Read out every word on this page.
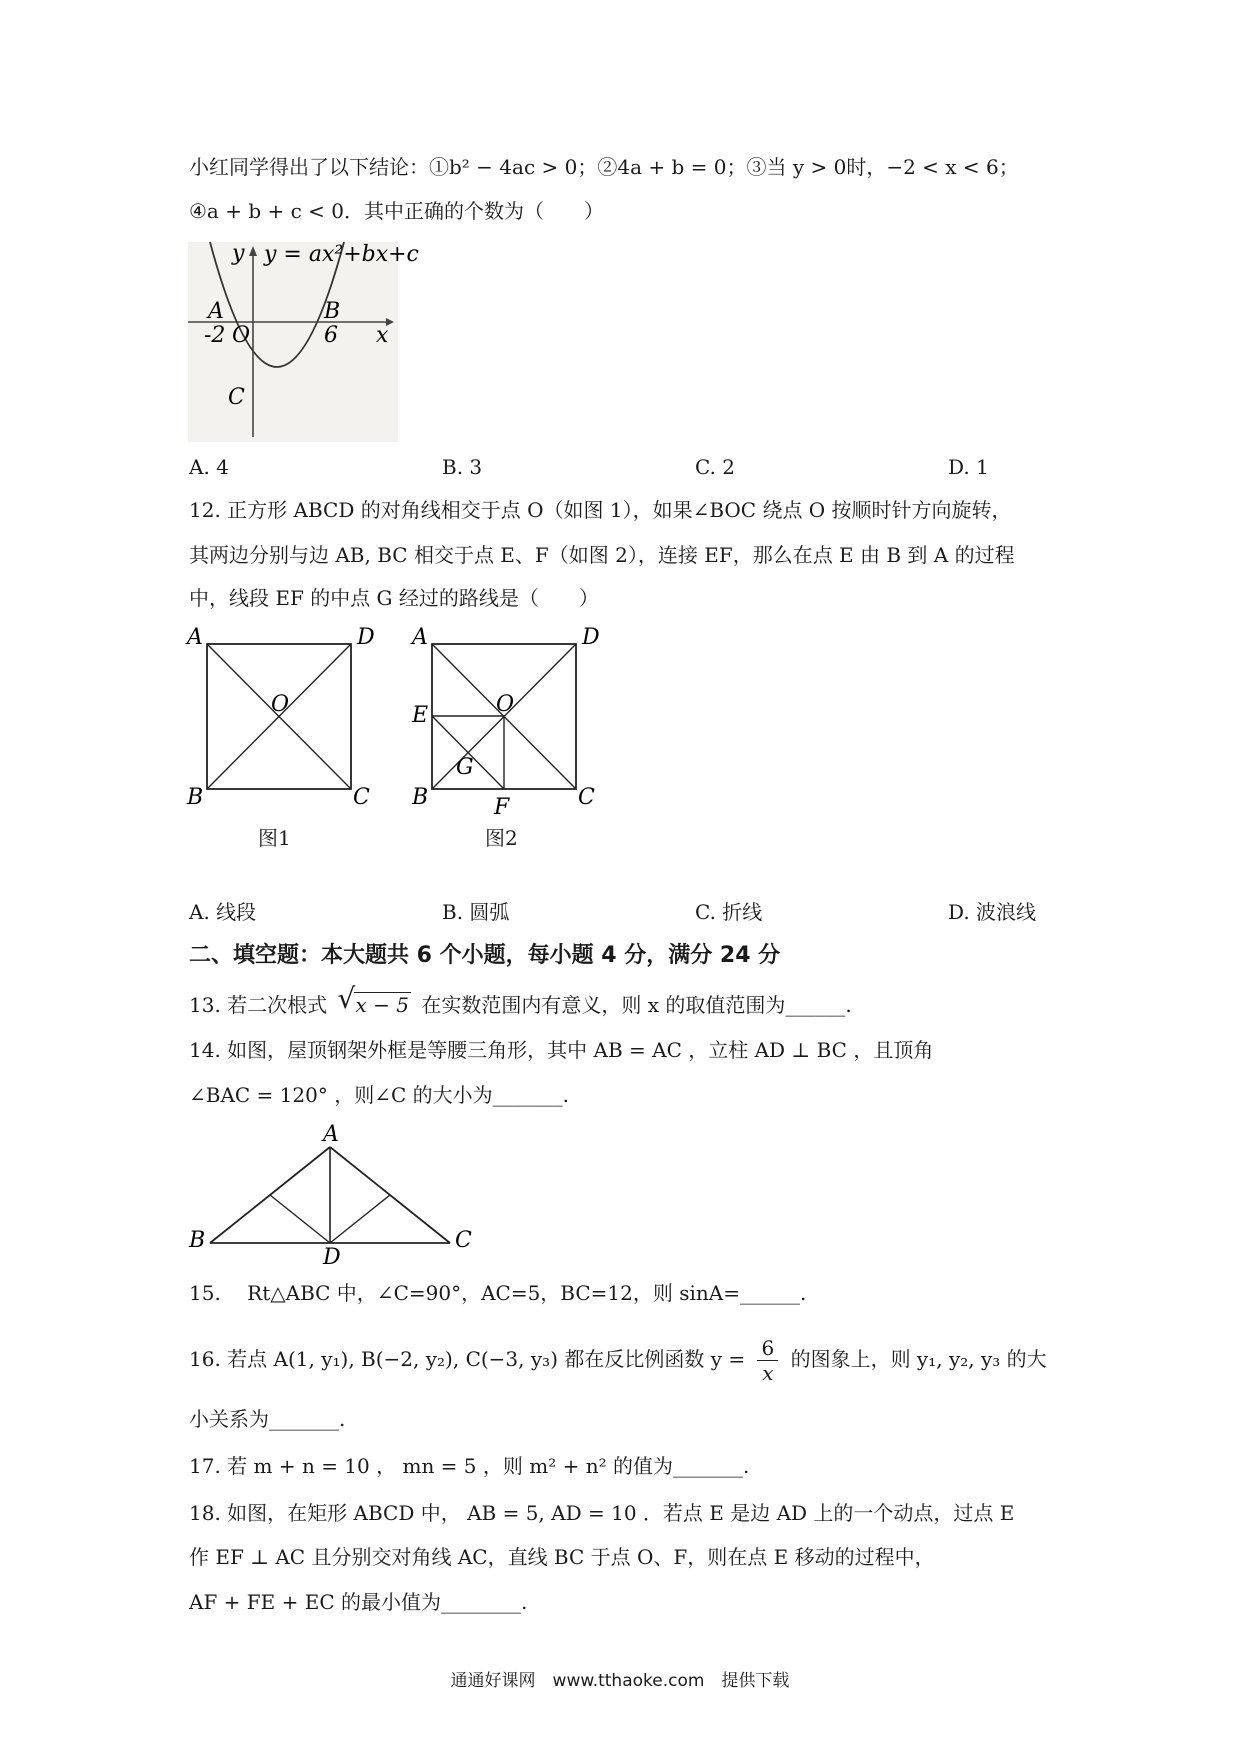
小红同学得出了以下结论：①b² − 4ac > 0；②4a + b = 0；③当 y > 0时，−2 < x < 6；
④a + b + c < 0．其中正确的个数为（　　）
y y = ax²+bx+c
x
A
-2 O
B
6
C
A. 4	B. 3	C. 2	D. 1
12. 正方形 ABCD 的对角线相交于点 O（如图 1），如果∠BOC 绕点 O 按顺时针方向旋转，
其两边分别与边 AB, BC 相交于点 E、F（如图 2），连接 EF，那么在点 E 由 B 到 A 的过程
中，线段 EF 的中点 G 经过的路线是（　　）
A	D
B	C
O
图1
A	D
B	C
O
E
F
G
图2
A. 线段	B. 圆弧	C. 折线	D. 波浪线
二、填空题：本大题共 6 个小题，每小题 4 分，满分 24 分
13. 若二次根式 √ x − 5 在实数范围内有意义，则 x 的取值范围为______.
14. 如图，屋顶钢架外框是等腰三角形，其中 AB = AC ，立柱 AD ⊥ BC ，且顶角
∠BAC = 120° ，则∠C 的大小为_______.
A
B	C
D
15.　 Rt△ABC 中，∠C=90°，AC=5，BC=12，则 sinA=______.
16. 若点 A(1, y₁), B(−2, y₂), C(−3, y₃) 都在反比例函数 $y = \frac{6}{x}$ 的图象上，则 y₁, y₂, y₃ 的大
小关系为_______.
17. 若 m + n = 10 ， mn = 5 ，则 m² + n² 的值为_______.
18. 如图，在矩形 ABCD 中， AB = 5, AD = 10 ．若点 E 是边 AD 上的一个动点，过点 E
作 EF ⊥ AC 且分别交对角线 AC，直线 BC 于点 O、F，则在点 E 移动的过程中，
AF + FE + EC 的最小值为________.
通通好课网　www.tthaoke.com　提供下载
